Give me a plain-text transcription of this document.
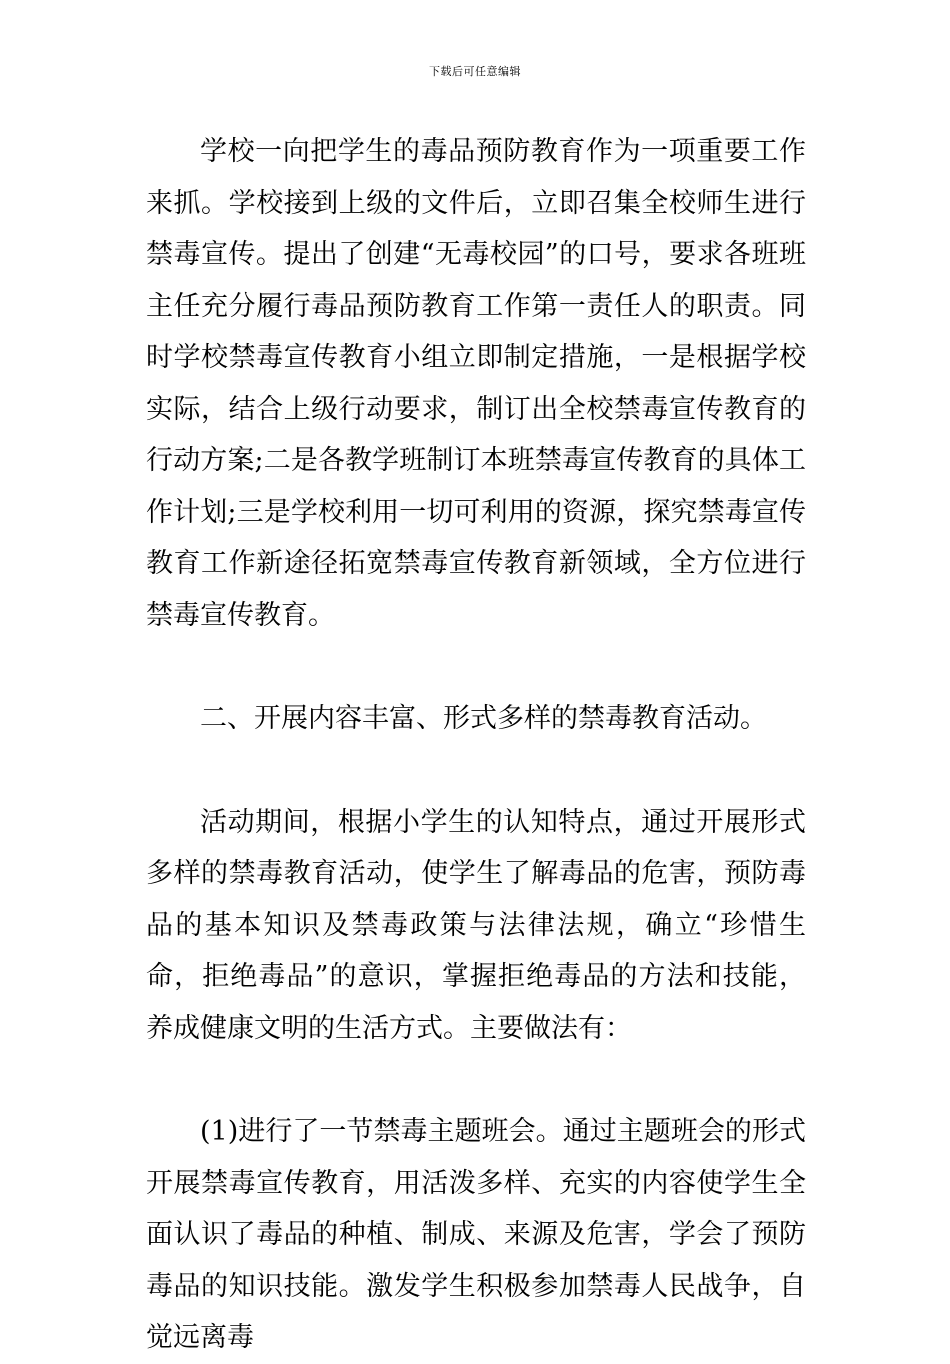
下载后可任意编辑

学校一向把学生的毒品预防教育作为一项重要工作来抓。学校接到上级的文件后，立即召集全校师生进行禁毒宣传。提出了创建“无毒校园”的口号，要求各班班主任充分履行毒品预防教育工作第一责任人的职责。同时学校禁毒宣传教育小组立即制定措施，一是根据学校实际，结合上级行动要求，制订出全校禁毒宣传教育的行动方案;二是各教学班制订本班禁毒宣传教育的具体工作计划;三是学校利用一切可利用的资源，探究禁毒宣传教育工作新途径拓宽禁毒宣传教育新领域，全方位进行禁毒宣传教育。

二、开展内容丰富、形式多样的禁毒教育活动。

活动期间，根据小学生的认知特点，通过开展形式多样的禁毒教育活动，使学生了解毒品的危害，预防毒品的基本知识及禁毒政策与法律法规，确立“珍惜生命，拒绝毒品”的意识，掌握拒绝毒品的方法和技能，养成健康文明的生活方式。主要做法有：

(1)进行了一节禁毒主题班会。通过主题班会的形式开展禁毒宣传教育，用活泼多样、充实的内容使学生全面认识了毒品的种植、制成、来源及危害，学会了预防毒品的知识技能。激发学生积极参加禁毒人民战争，自觉远离毒
